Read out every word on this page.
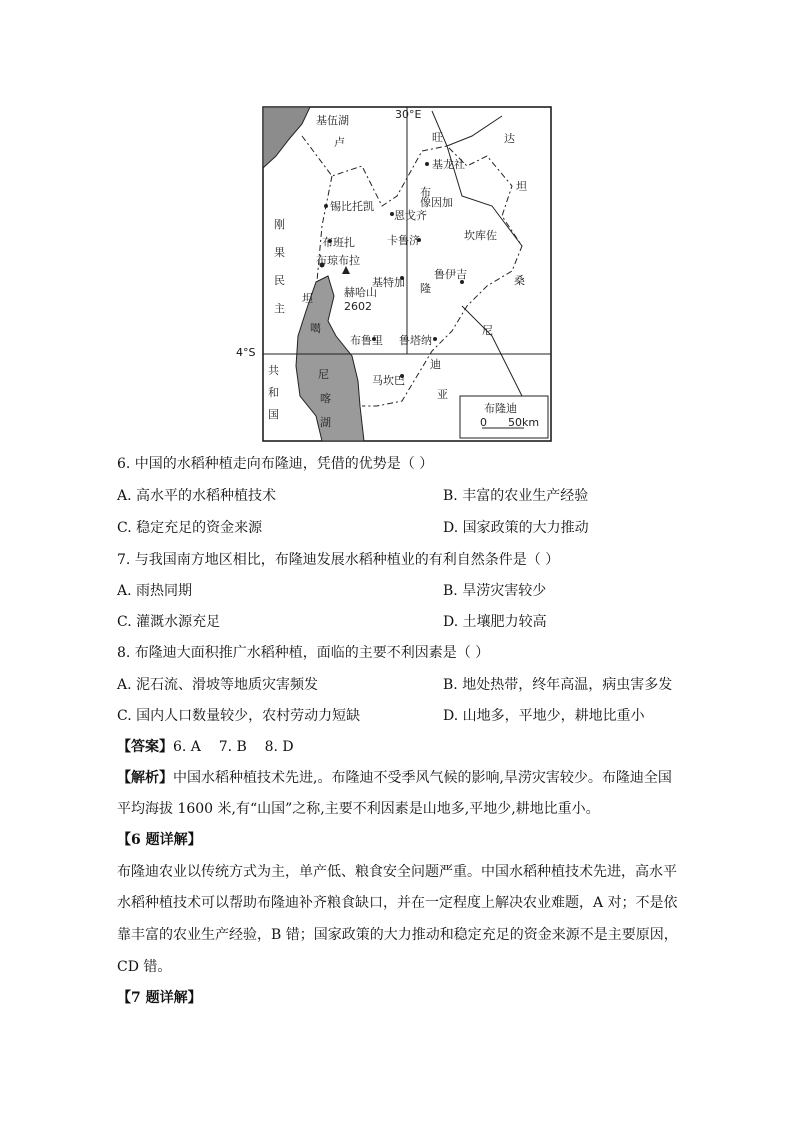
基伍湖
卢
30°E
旺	达
基龙社
坦
布
像因加
锡比托凯
恩戈齐
卡鲁济
刚
果
民
主
共
和
国
布班扎
布琼布拉
坎库佐
桑
基特加 隆
鲁伊吉
赫哈山
2602
坦
噶
尼
喀
湖
布鲁里 鲁塔纳
迪
尼
马坎巴
亚
布隆迪
0 50km
4°S
6. 中国的水稻种植走向布隆迪，凭借的优势是（ ）
A. 高水平的水稻种植技术	B. 丰富的农业生产经验
C. 稳定充足的资金来源	D. 国家政策的大力推动
7. 与我国南方地区相比，布隆迪发展水稻种植业的有利自然条件是（ ）
A. 雨热同期	B. 旱涝灾害较少
C. 灌溉水源充足	D. 土壤肥力较高
8. 布隆迪大面积推广水稻种植，面临的主要不利因素是（ ）
A. 泥石流、滑坡等地质灾害频发	B. 地处热带，终年高温，病虫害多发
C. 国内人口数量较少，农村劳动力短缺	D. 山地多，平地少，耕地比重小
【答案】6. A    7. B    8. D
【解析】中国水稻种植技术先进,。布隆迪不受季风气候的影响,旱涝灾害较少。布隆迪全国
平均海拔 1600 米,有“山国”之称,主要不利因素是山地多,平地少,耕地比重小。
【6 题详解】
布隆迪农业以传统方式为主，单产低、粮食安全问题严重。中国水稻种植技术先进，高水平
水稻种植技术可以帮助布隆迪补齐粮食缺口，并在一定程度上解决农业难题，A 对；不是依
靠丰富的农业生产经验，B 错；国家政策的大力推动和稳定充足的资金来源不是主要原因，
CD 错。
【7 题详解】
